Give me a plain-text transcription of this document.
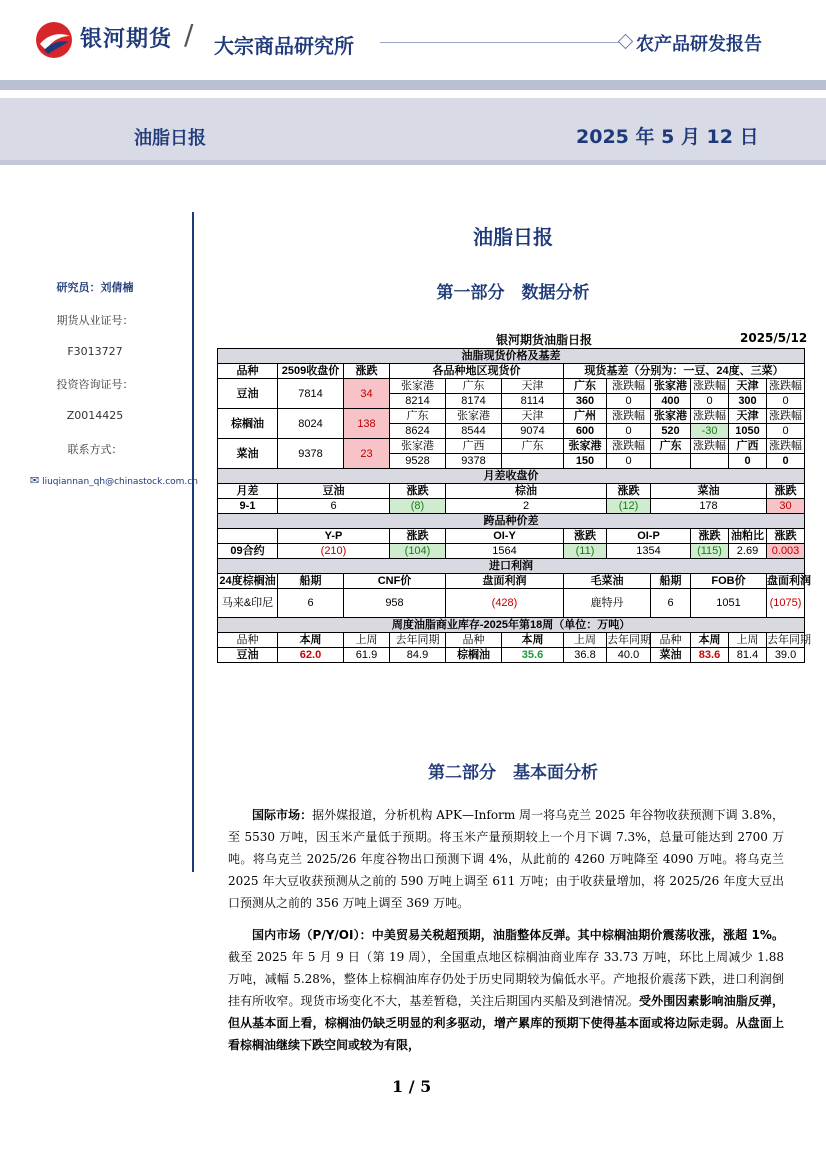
银河期货 / 大宗商品研究所	农产品研发报告
油脂日报	2025 年 5 月 12 日
研究员：刘倩楠
期货从业证号：
F3013727
投资咨询证号：
Z0014425
联系方式：
✉ liuqiannan_qh@chinastock.com.cn
油脂日报
第一部分　数据分析
银河期货油脂日报	2025/5/12
油脂现货价格及基差											
品种	2509收盘价	涨跌	各品种地区现货价			现货基差（分别为：一豆、24度、三菜）					
豆油	7814	34	张家港	广东	天津	广东	涨跌幅	张家港	涨跌幅	天津	涨跌幅
			8214	8174	8114	360	0	400	0	300	0
棕榈油	8024	138	广东	张家港	天津	广州	涨跌幅	张家港	涨跌幅	天津	涨跌幅
			8624	8544	9074	600	0	520	-30	1050	0
菜油	9378	23	张家港	广西	广东	张家港	涨跌幅	广东	涨跌幅	广西	涨跌幅
			9528	9378		150	0			0	0
月差收盘价											
月差	豆油		涨跌	棕油			涨跌	菜油			涨跌
9-1	6		(8)	2			(12)	178			30
跨品种价差											
	Y-P		涨跌	OI-Y		涨跌	OI-P		涨跌	油粕比	涨跌
09合约	(210)		(104)	1564		(11)	1354		(115)	2.69	0.003
进口利润											
24度棕榈油	船期	CNF价		盘面利润		毛菜油		船期	FOB价		盘面利润
马来&印尼	6	958		(428)		鹿特丹		6	1051		(1075)
周度油脂商业库存-2025年第18周（单位：万吨）											
品种	本周	上周	去年同期	品种	本周	上周	去年同期	品种	本周	上周	去年同期
豆油	62.0	61.9	84.9	棕榈油	35.6	36.8	40.0	菜油	83.6	81.4	39.0
第二部分　基本面分析
国际市场：据外媒报道，分析机构 APK—Inform 周一将乌克兰 2025 年谷物收获预测下调 3.8%，至 5530 万吨，因玉米产量低于预期。将玉米产量预期较上一个月下调 7.3%，总量可能达到 2700 万吨。将乌克兰 2025/26 年度谷物出口预测下调 4%，从此前的 4260 万吨降至 4090 万吨。将乌克兰 2025 年大豆收获预测从之前的 590 万吨上调至 611 万吨；由于收获量增加，将 2025/26 年度大豆出口预测从之前的 356 万吨上调至 369 万吨。
国内市场（P/Y/OI）：中美贸易关税超预期，油脂整体反弹。其中棕榈油期价震荡收涨，涨超 1%。截至 2025 年 5 月 9 日（第 19 周），全国重点地区棕榈油商业库存 33.73 万吨，环比上周减少 1.88 万吨，减幅 5.28%，整体上棕榈油库存仍处于历史同期较为偏低水平。产地报价震荡下跌，进口利润倒挂有所收窄。现货市场变化不大，基差暂稳，关注后期国内买船及到港情况。受外围因素影响油脂反弹，但从基本面上看，棕榈油仍缺乏明显的利多驱动，增产累库的预期下使得基本面或将边际走弱。从盘面上看棕榈油继续下跌空间或较为有限，
1 / 5
